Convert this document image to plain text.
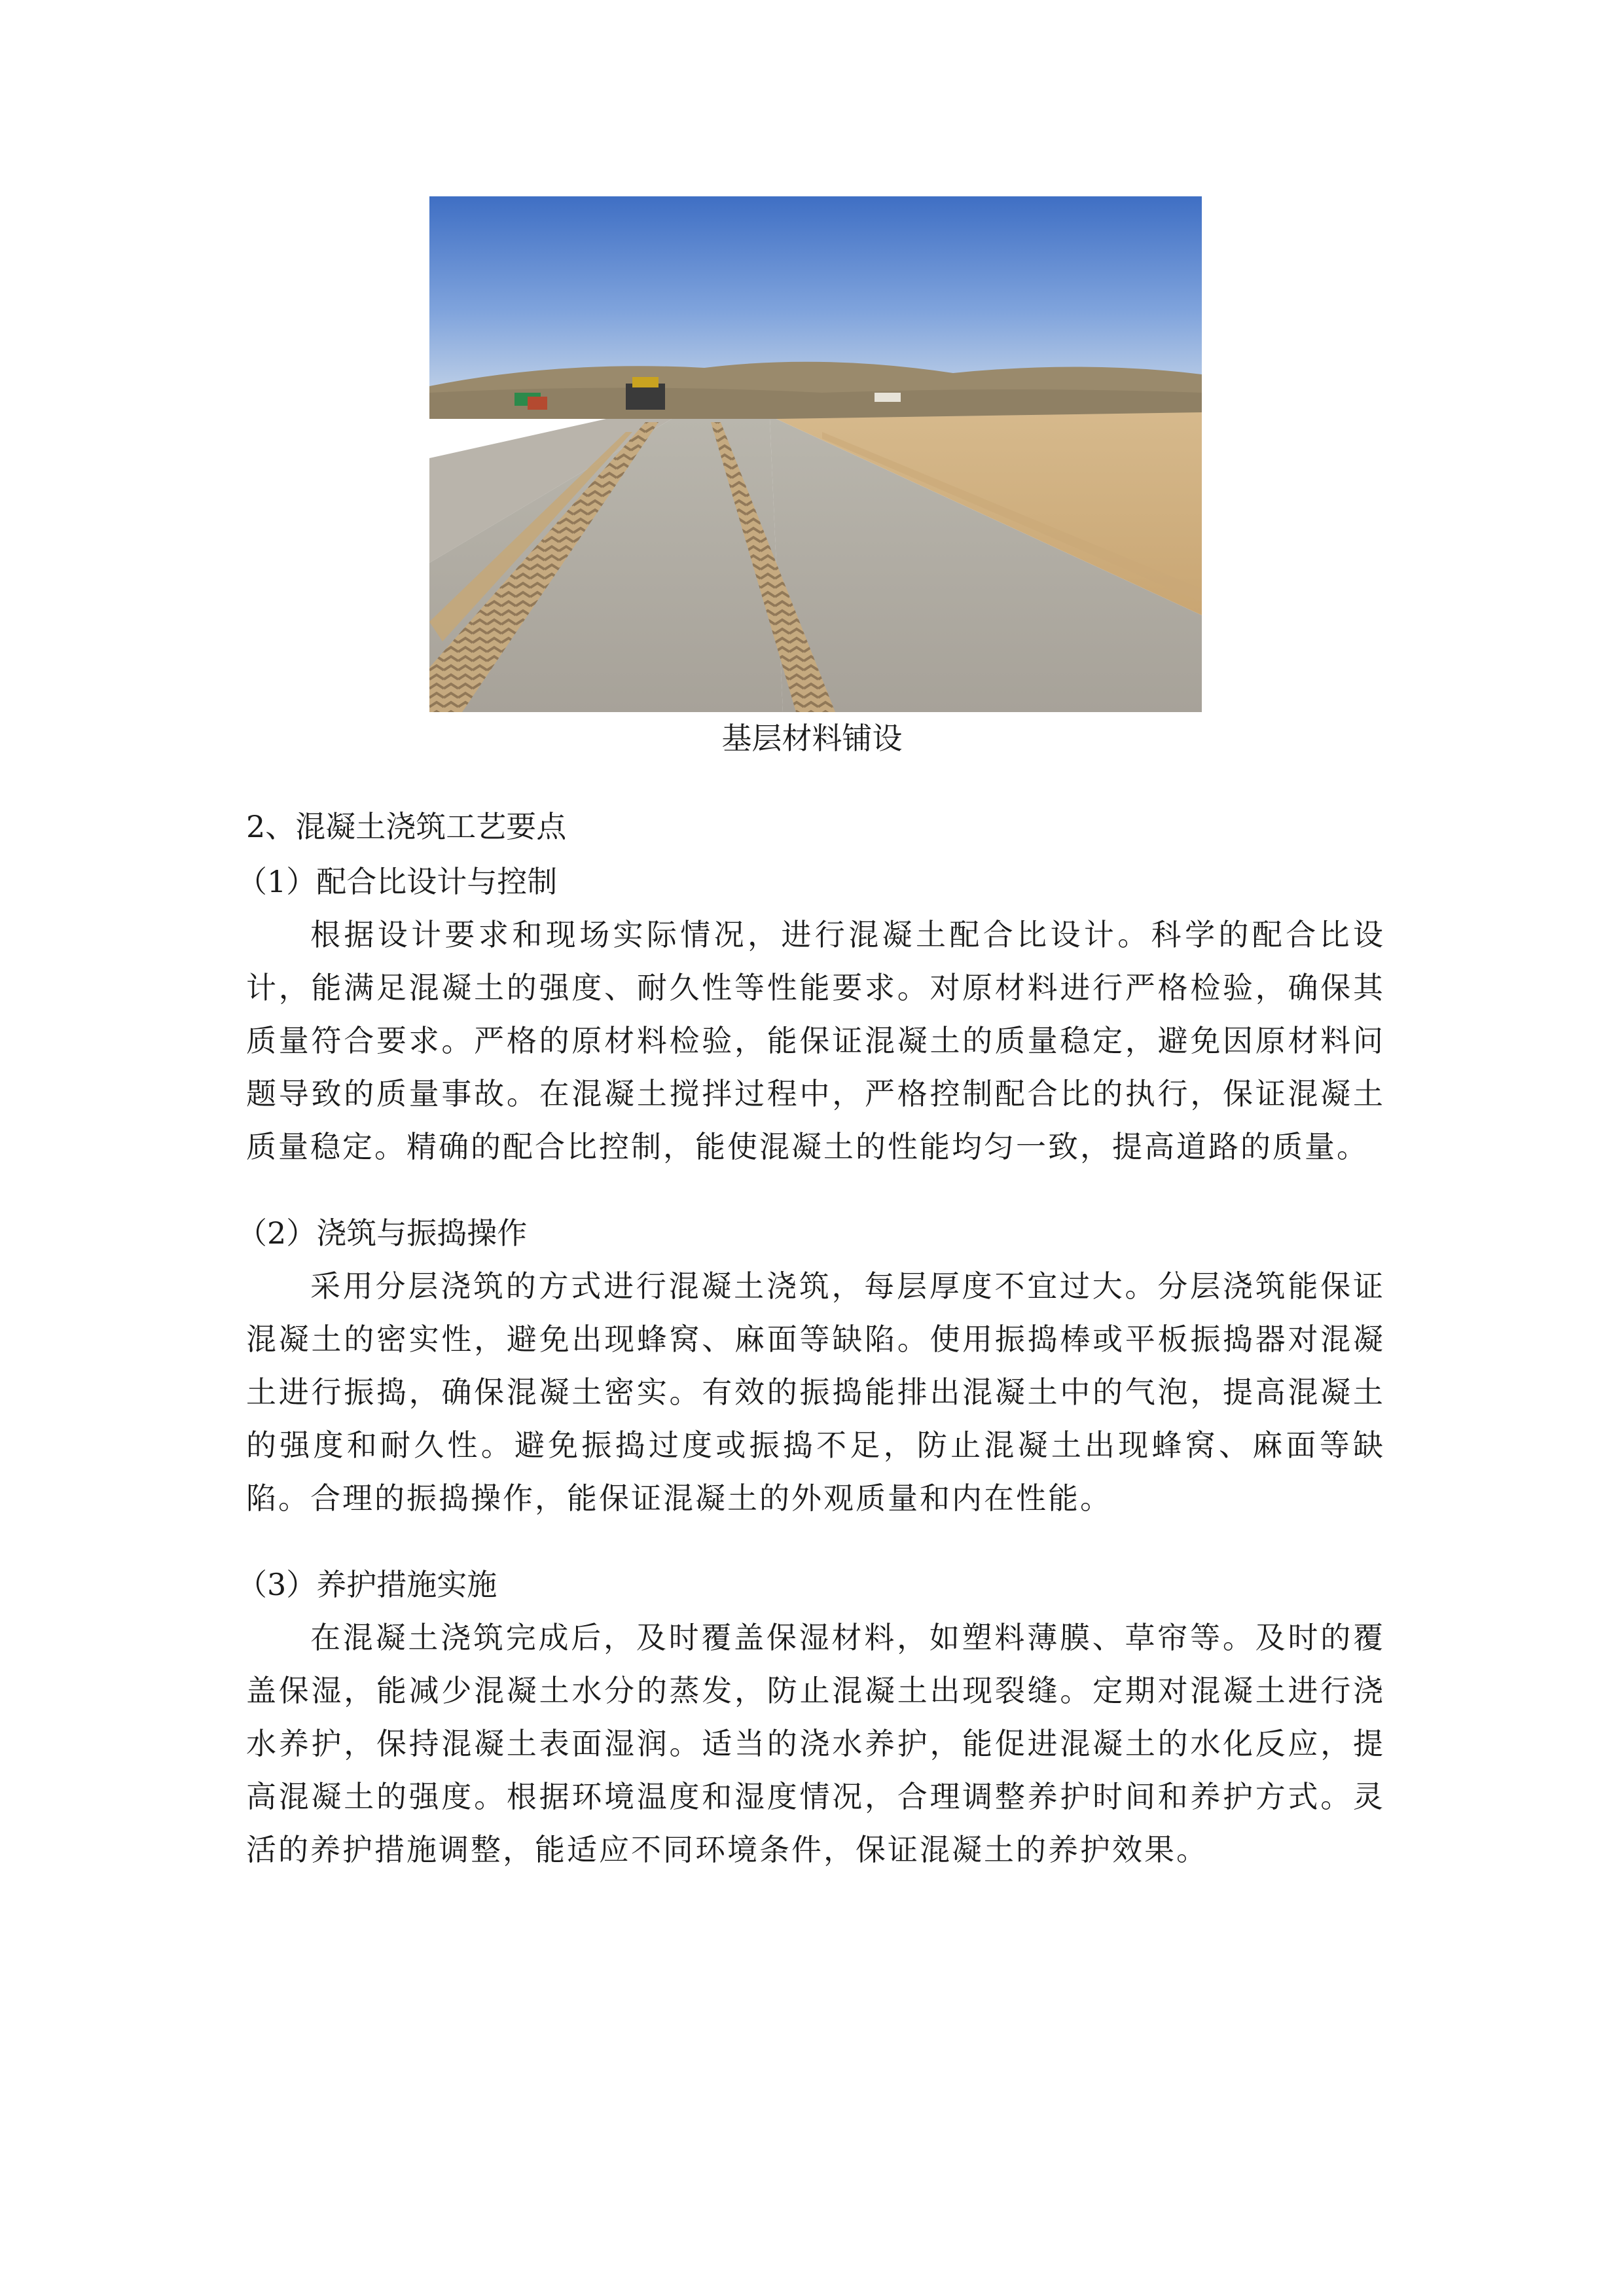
基层材料铺设

2、混凝土浇筑工艺要点

（1）配合比设计与控制

根据设计要求和现场实际情况，进行混凝土配合比设计。科学的配合比设计，能满足混凝土的强度、耐久性等性能要求。对原材料进行严格检验，确保其质量符合要求。严格的原材料检验，能保证混凝土的质量稳定，避免因原材料问题导致的质量事故。在混凝土搅拌过程中，严格控制配合比的执行，保证混凝土质量稳定。精确的配合比控制，能使混凝土的性能均匀一致，提高道路的质量。

（2）浇筑与振捣操作

采用分层浇筑的方式进行混凝土浇筑，每层厚度不宜过大。分层浇筑能保证混凝土的密实性，避免出现蜂窝、麻面等缺陷。使用振捣棒或平板振捣器对混凝土进行振捣，确保混凝土密实。有效的振捣能排出混凝土中的气泡，提高混凝土的强度和耐久性。避免振捣过度或振捣不足，防止混凝土出现蜂窝、麻面等缺陷。合理的振捣操作，能保证混凝土的外观质量和内在性能。

（3）养护措施实施

在混凝土浇筑完成后，及时覆盖保湿材料，如塑料薄膜、草帘等。及时的覆盖保湿，能减少混凝土水分的蒸发，防止混凝土出现裂缝。定期对混凝土进行浇水养护，保持混凝土表面湿润。适当的浇水养护，能促进混凝土的水化反应，提高混凝土的强度。根据环境温度和湿度情况，合理调整养护时间和养护方式。灵活的养护措施调整，能适应不同环境条件，保证混凝土的养护效果。
